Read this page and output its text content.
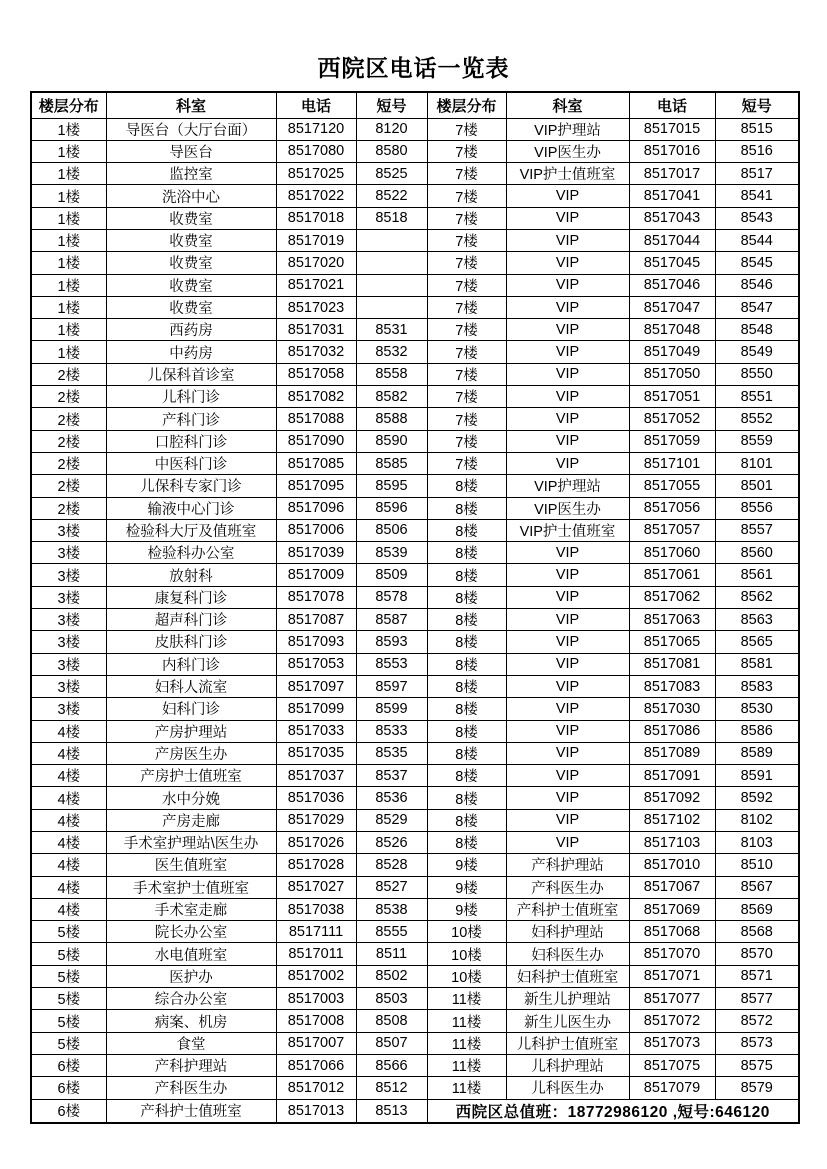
西院区电话一览表
楼层分布	科室	电话	短号	楼层分布	科室	电话	短号
1楼	导医台（大厅台面）	8517120	8120	7楼	VIP护理站	8517015	8515
1楼	导医台	8517080	8580	7楼	VIP医生办	8517016	8516
1楼	监控室	8517025	8525	7楼	VIP护士值班室	8517017	8517
1楼	洗浴中心	8517022	8522	7楼	VIP	8517041	8541
1楼	收费室	8517018	8518	7楼	VIP	8517043	8543
1楼	收费室	8517019		7楼	VIP	8517044	8544
1楼	收费室	8517020		7楼	VIP	8517045	8545
1楼	收费室	8517021		7楼	VIP	8517046	8546
1楼	收费室	8517023		7楼	VIP	8517047	8547
1楼	西药房	8517031	8531	7楼	VIP	8517048	8548
1楼	中药房	8517032	8532	7楼	VIP	8517049	8549
2楼	儿保科首诊室	8517058	8558	7楼	VIP	8517050	8550
2楼	儿科门诊	8517082	8582	7楼	VIP	8517051	8551
2楼	产科门诊	8517088	8588	7楼	VIP	8517052	8552
2楼	口腔科门诊	8517090	8590	7楼	VIP	8517059	8559
2楼	中医科门诊	8517085	8585	7楼	VIP	8517101	8101
2楼	儿保科专家门诊	8517095	8595	8楼	VIP护理站	8517055	8501
2楼	输液中心门诊	8517096	8596	8楼	VIP医生办	8517056	8556
3楼	检验科大厅及值班室	8517006	8506	8楼	VIP护士值班室	8517057	8557
3楼	检验科办公室	8517039	8539	8楼	VIP	8517060	8560
3楼	放射科	8517009	8509	8楼	VIP	8517061	8561
3楼	康复科门诊	8517078	8578	8楼	VIP	8517062	8562
3楼	超声科门诊	8517087	8587	8楼	VIP	8517063	8563
3楼	皮肤科门诊	8517093	8593	8楼	VIP	8517065	8565
3楼	内科门诊	8517053	8553	8楼	VIP	8517081	8581
3楼	妇科人流室	8517097	8597	8楼	VIP	8517083	8583
3楼	妇科门诊	8517099	8599	8楼	VIP	8517030	8530
4楼	产房护理站	8517033	8533	8楼	VIP	8517086	8586
4楼	产房医生办	8517035	8535	8楼	VIP	8517089	8589
4楼	产房护士值班室	8517037	8537	8楼	VIP	8517091	8591
4楼	水中分娩	8517036	8536	8楼	VIP	8517092	8592
4楼	产房走廊	8517029	8529	8楼	VIP	8517102	8102
4楼	手术室护理站\医生办	8517026	8526	8楼	VIP	8517103	8103
4楼	医生值班室	8517028	8528	9楼	产科护理站	8517010	8510
4楼	手术室护士值班室	8517027	8527	9楼	产科医生办	8517067	8567
4楼	手术室走廊	8517038	8538	9楼	产科护士值班室	8517069	8569
5楼	院长办公室	8517111	8555	10楼	妇科护理站	8517068	8568
5楼	水电值班室	8517011	8511	10楼	妇科医生办	8517070	8570
5楼	医护办	8517002	8502	10楼	妇科护士值班室	8517071	8571
5楼	综合办公室	8517003	8503	11楼	新生儿护理站	8517077	8577
5楼	病案、机房	8517008	8508	11楼	新生儿医生办	8517072	8572
5楼	食堂	8517007	8507	11楼	儿科护士值班室	8517073	8573
6楼	产科护理站	8517066	8566	11楼	儿科护理站	8517075	8575
6楼	产科医生办	8517012	8512	11楼	儿科医生办	8517079	8579
6楼	产科护士值班室	8517013	8513	西院区总值班：18772986120 ,短号:646120			
